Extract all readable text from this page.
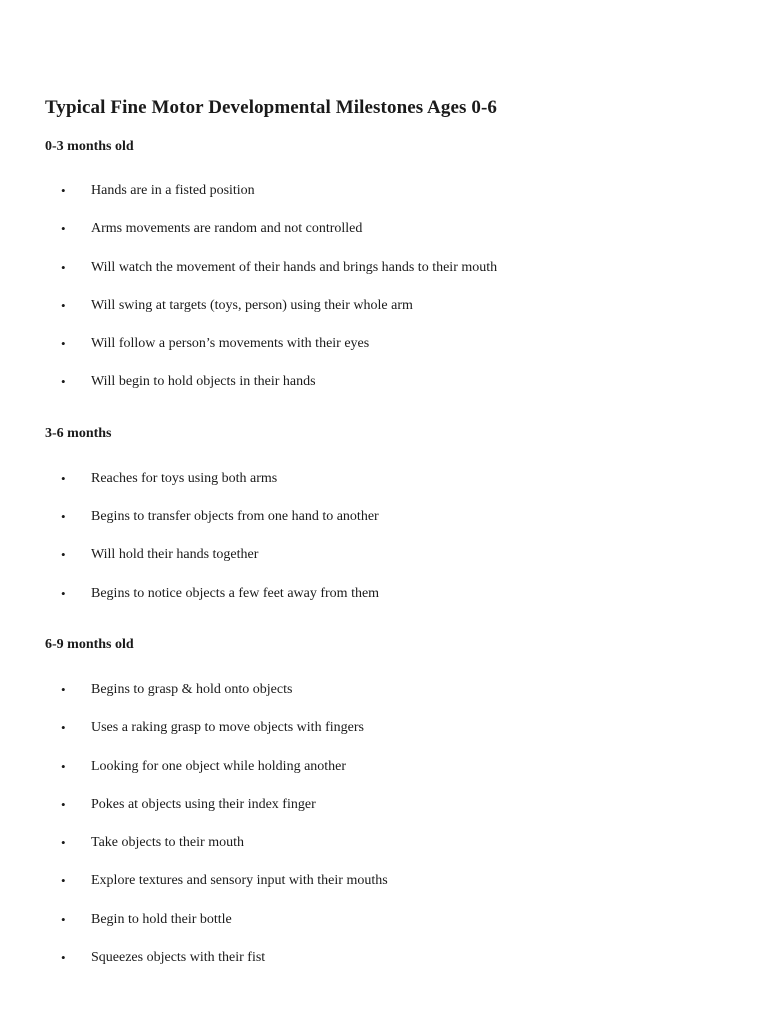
Typical Fine Motor Developmental Milestones Ages 0-6
0-3 months old
•	Hands are in a fisted position
•	Arms movements are random and not controlled
•	Will watch the movement of their hands and brings hands to their mouth
•	Will swing at targets (toys, person) using their whole arm
•	Will follow a person’s movements with their eyes
•	Will begin to hold objects in their hands
3-6 months
•	Reaches for toys using both arms
•	Begins to transfer objects from one hand to another
•	Will hold their hands together
•	Begins to notice objects a few feet away from them
6-9 months old
•	Begins to grasp & hold onto objects
•	Uses a raking grasp to move objects with fingers
•	Looking for one object while holding another
•	Pokes at objects using their index finger
•	Take objects to their mouth
•	Explore textures and sensory input with their mouths
•	Begin to hold their bottle
•	Squeezes objects with their fist
